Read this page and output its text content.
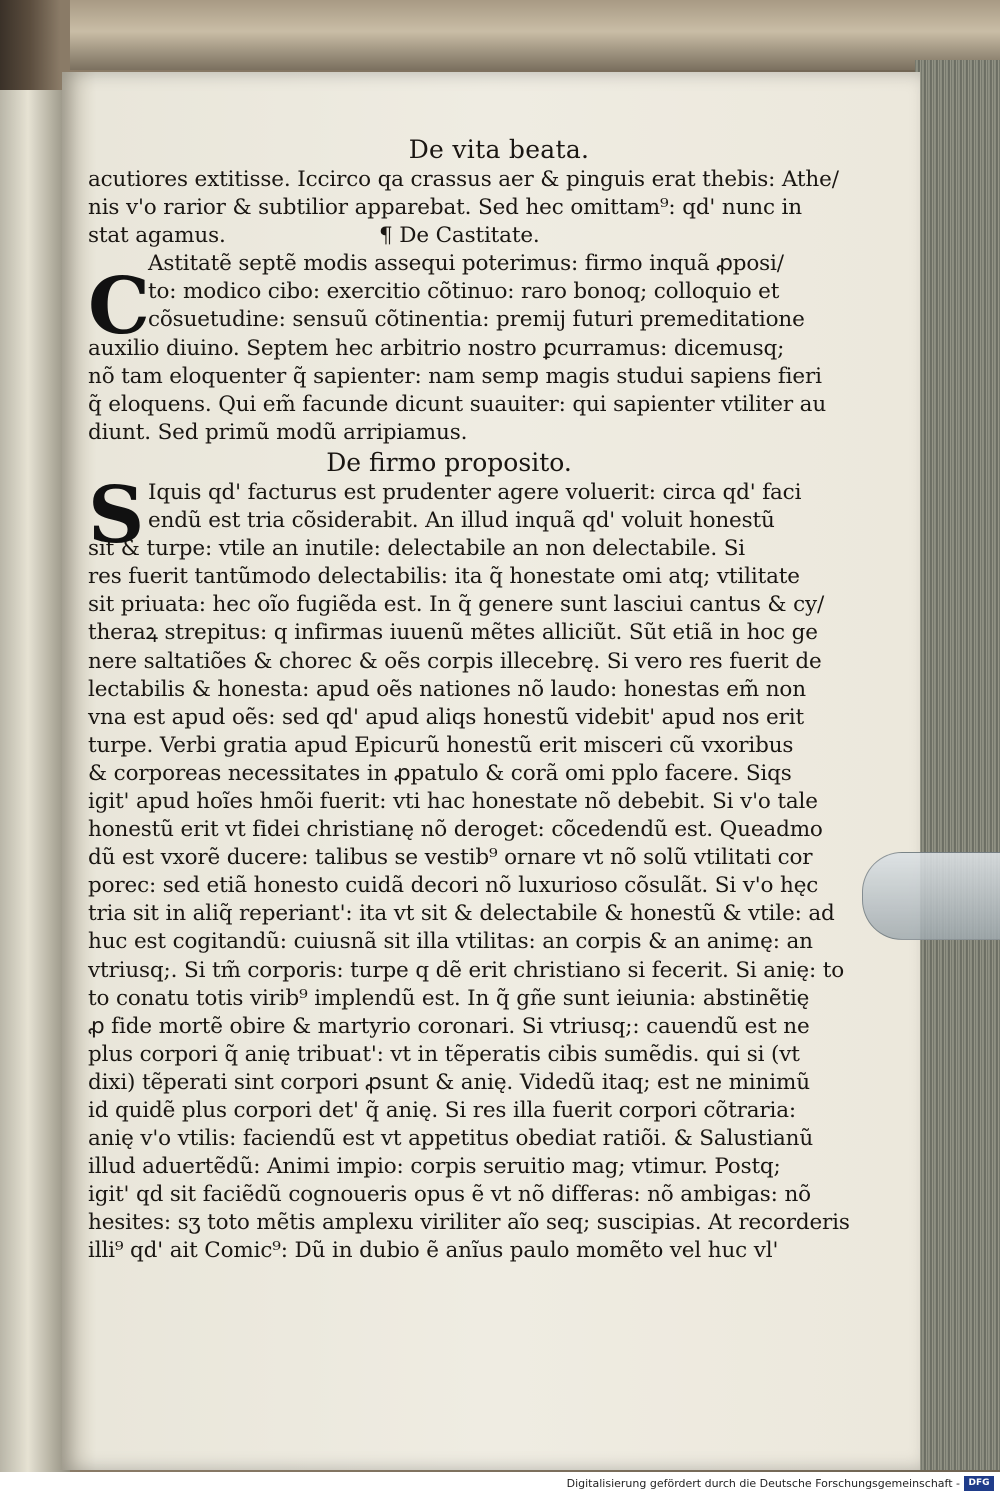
De vita beata.
acutiores extitisse. Iccirco qa crassus aer & pinguis erat thebis: Athe/
nis v'o rarior & subtilior apparebat. Sed hec omittam⁹: qd' nunc in
stat agamus.	¶ De Castitate.
Astitatẽ septẽ modis assequi poterimus: firmo inquã ꝓposi/
to: modico cibo: exercitio cõtinuo: raro bonoq; colloquio et
cõsuetudine: sensuũ cõtinentia: premij futuri premeditatione
auxilio diuino. Septem hec arbitrio nostro ꝑcurramus: dicemusq;
nõ tam eloquenter q̃ sapienter: nam semp magis studui sapiens fieri
q̃ eloquens. Qui em̃ facunde dicunt suauiter: qui sapienter vtiliter au
diunt. Sed primũ modũ arripiamus.
De firmo proposito.
Iquis qd' facturus est prudenter agere voluerit: circa qd' faci
endũ est tria cõsiderabit. An illud inquã qd' voluit honestũ
sit & turpe: vtile an inutile: delectabile an non delectabile. Si
res fuerit tantũmodo delectabilis: ita q̃ honestate omi atq; vtilitate
sit priuata: hec oĩo fugiẽda est. In q̃ genere sunt lasciui cantus & cy/
theraꝝ strepitus: q infirmas iuuenũ mẽtes alliciũt. Sũt etiã in hoc ge
nere saltatiões & chorec & oẽs corpis illecebrę. Si vero res fuerit de
lectabilis & honesta: apud oẽs nationes nõ laudo: honestas em̃ non
vna est apud oẽs: sed qd' apud aliqs honestũ videbit' apud nos erit
turpe. Verbi gratia apud Epicurũ honestũ erit misceri cũ vxoribus
& corporeas necessitates in ꝓpatulo & corã omi pplo facere. Siqs
igit' apud hoĩes hmõi fuerit: vti hac honestate nõ debebit. Si v'o tale
honestũ erit vt fidei christianę nõ deroget: cõcedendũ est. Queadmo
dũ est vxorẽ ducere: talibus se vestib⁹ ornare vt nõ solũ vtilitati cor
porec: sed etiã honesto cuidã decori nõ luxurioso cõsulãt. Si v'o hęc
tria sit in aliq̃ reperiant': ita vt sit & delectabile & honestũ & vtile: ad
huc est cogitandũ: cuiusnã sit illa vtilitas: an corpis & an animę: an
vtriusq;. Si tm̃ corporis: turpe q dẽ erit christiano si fecerit. Si anię: to
to conatu totis virib⁹ implendũ est. In q̃ gñe sunt ieiunia: abstinẽtię
ꝓ fide mortẽ obire & martyrio coronari. Si vtriusq;: cauendũ est ne
plus corpori q̃ anię tribuat': vt in tẽperatis cibis sumẽdis. qui si (vt
dixi) tẽperati sint corpori ꝓsunt & anię. Videdũ itaq; est ne minimũ
id quidẽ plus corpori det' q̃ anię. Si res illa fuerit corpori cõtraria:
anię v'o vtilis: faciendũ est vt appetitus obediat ratiõi. & Salustianũ
illud aduertẽdũ: Animi impio: corpis seruitio mag; vtimur. Postq;
igit' qd sit faciẽdũ cognoueris opus ẽ vt nõ differas: nõ ambigas: nõ
hesites: sʒ toto mẽtis amplexu viriliter aĩo seq; suscipias. At recorderis
illi⁹ qd' ait Comic⁹: Dũ in dubio ẽ anĩus paulo momẽto vel huc vl'
C
S
Digitalisierung gefördert durch die Deutsche Forschungsgemeinschaft - DFG
